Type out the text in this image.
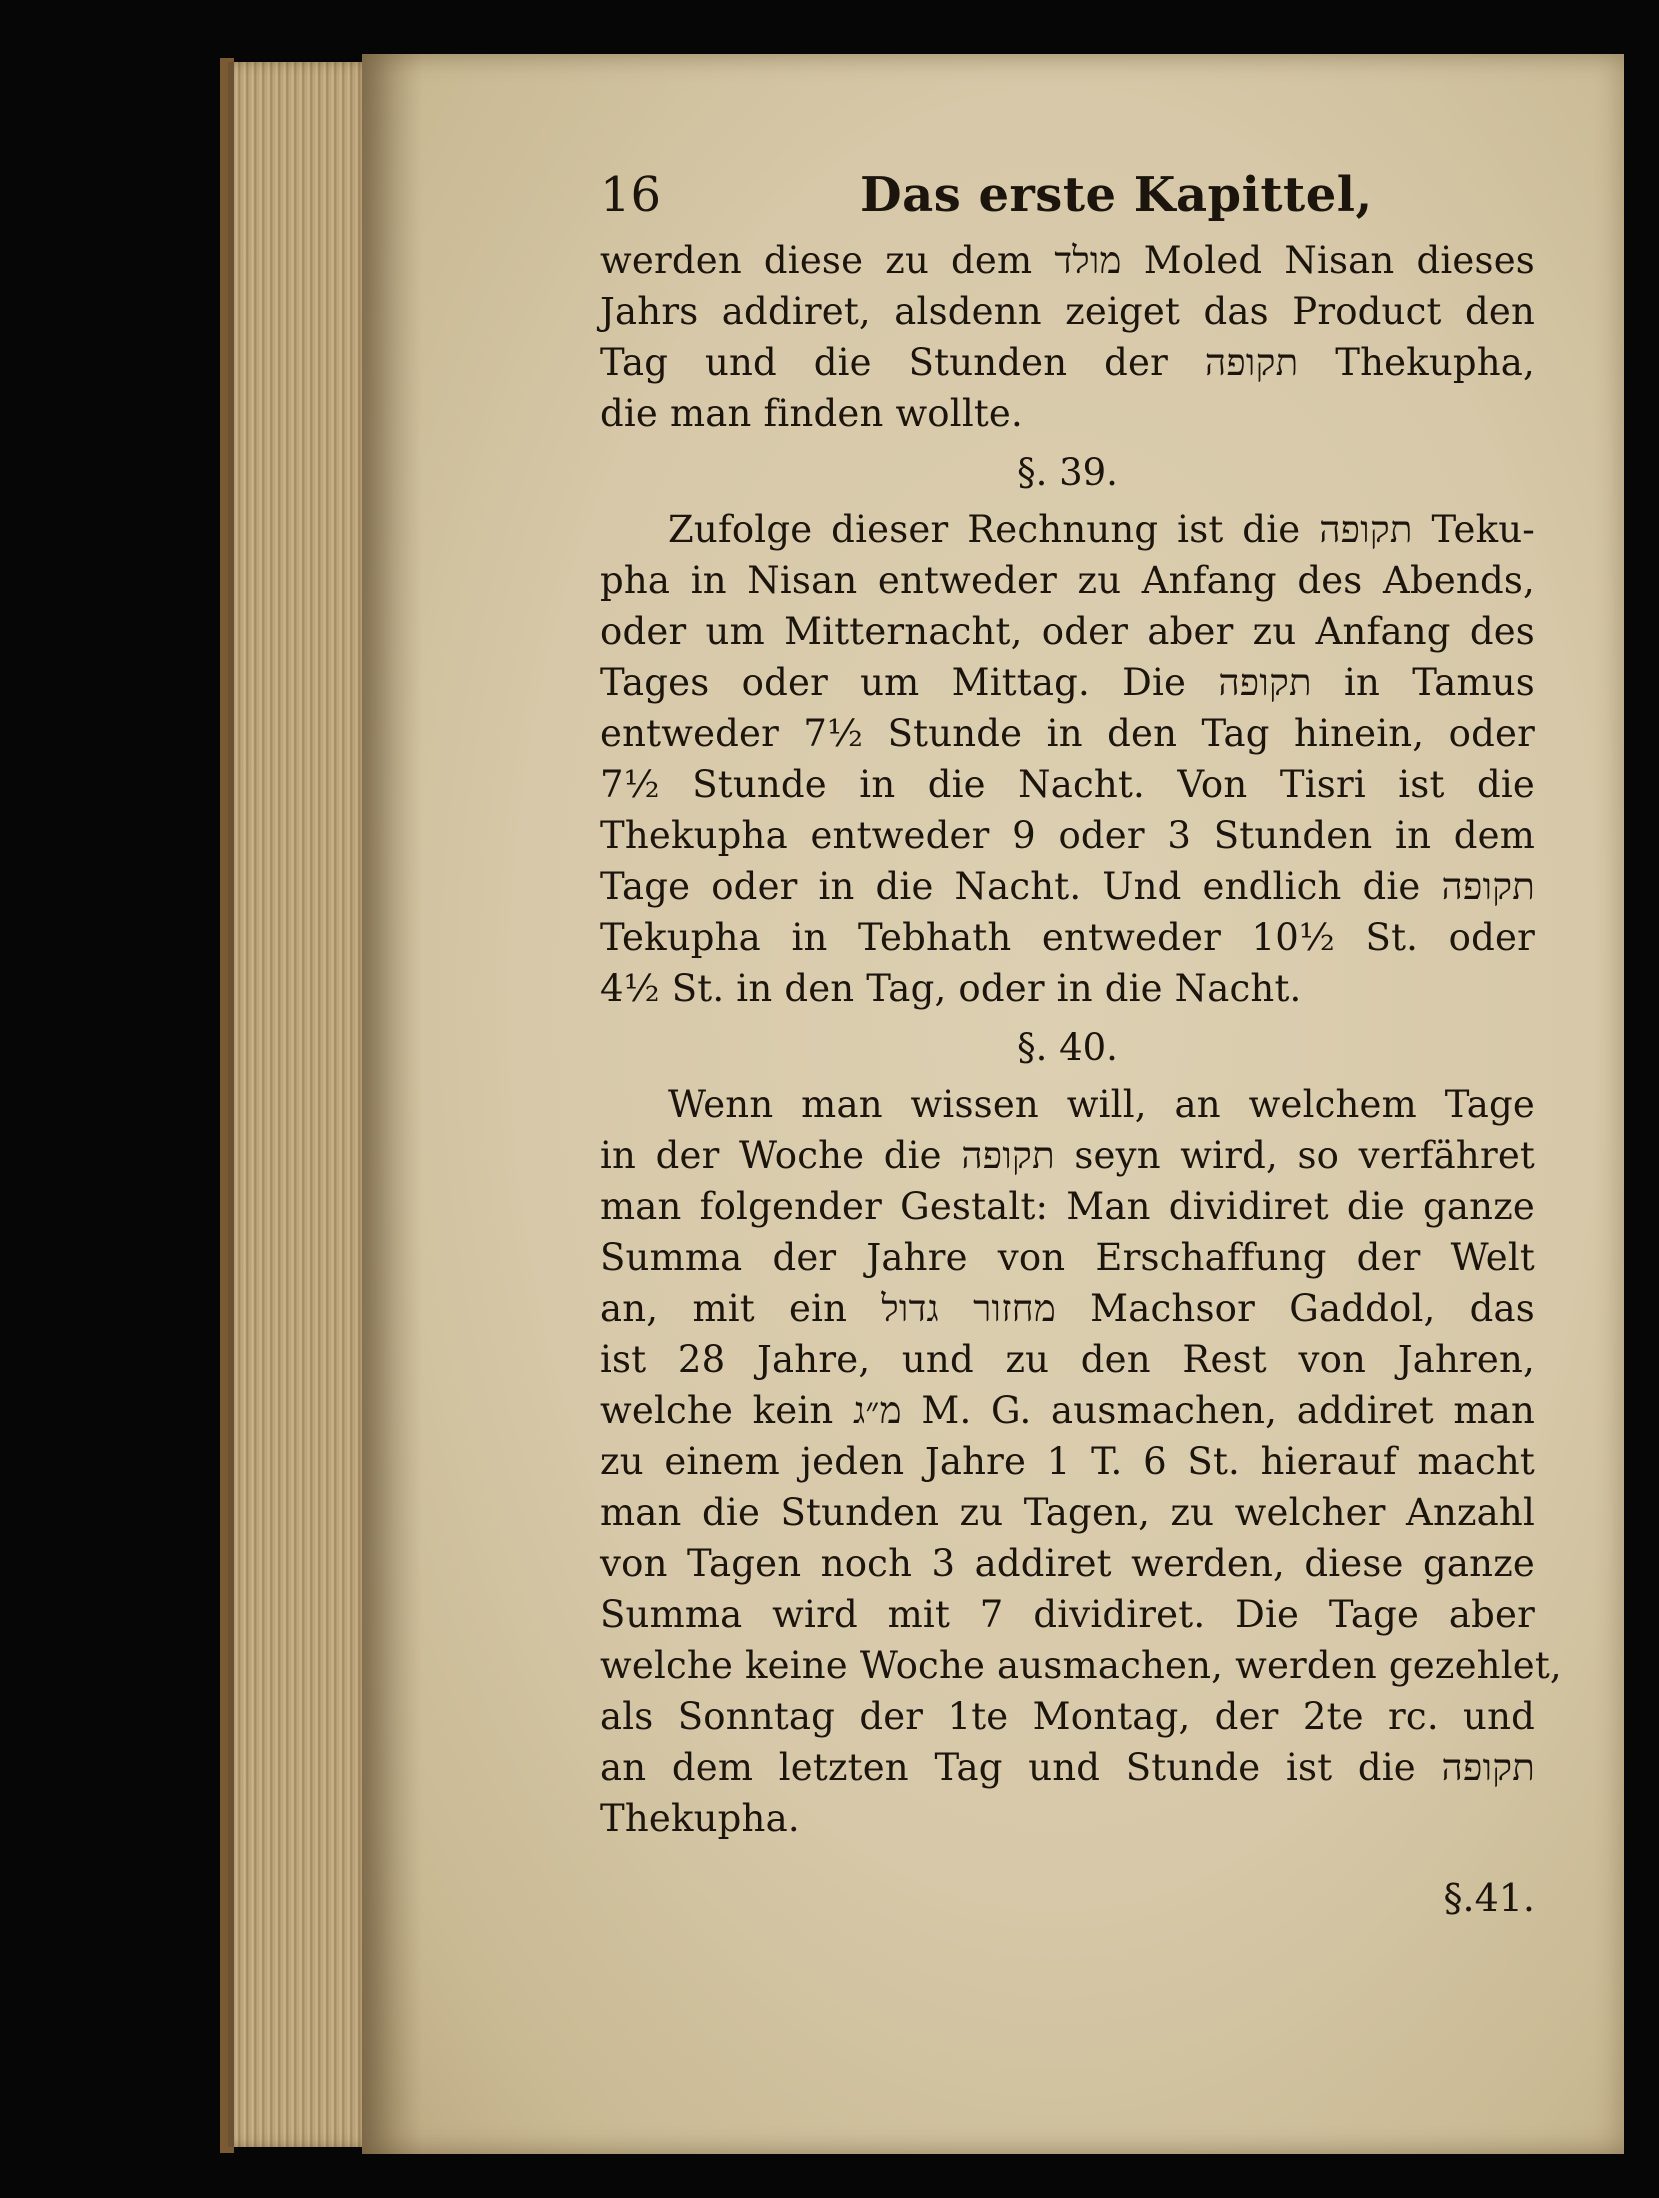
16	Das erste Kapittel,
werden diese zu dem מולד Moled Nisan dieses
Jahrs addiret, alsdenn zeiget das Product den
Tag und die Stunden der תקופה Thekupha,
die man finden wollte.
§. 39.
Zufolge dieser Rechnung ist die תקופה Teku-
pha in Nisan entweder zu Anfang des Abends,
oder um Mitternacht, oder aber zu Anfang des
Tages oder um Mittag. Die תקופה in Tamus
entweder 7½ Stunde in den Tag hinein, oder
7½ Stunde in die Nacht. Von Tisri ist die
Thekupha entweder 9 oder 3 Stunden in dem
Tage oder in die Nacht. Und endlich die תקופה
Tekupha in Tebhath entweder 10½ St. oder
4½ St. in den Tag, oder in die Nacht.
§. 40.
Wenn man wissen will, an welchem Tage
in der Woche die תקופה seyn wird, so verfähret
man folgender Gestalt: Man dividiret die ganze
Summa der Jahre von Erschaffung der Welt
an, mit ein מחזור גדול Machsor Gaddol, das
ist 28 Jahre, und zu den Rest von Jahren,
welche kein מ״ג M. G. ausmachen, addiret man
zu einem jeden Jahre 1 T. 6 St. hierauf macht
man die Stunden zu Tagen, zu welcher Anzahl
von Tagen noch 3 addiret werden, diese ganze
Summa wird mit 7 dividiret. Die Tage aber
welche keine Woche ausmachen, werden gezehlet,
als Sonntag der 1te Montag, der 2te rc. und
an dem letzten Tag und Stunde ist die תקופה
Thekupha.
§.41.
